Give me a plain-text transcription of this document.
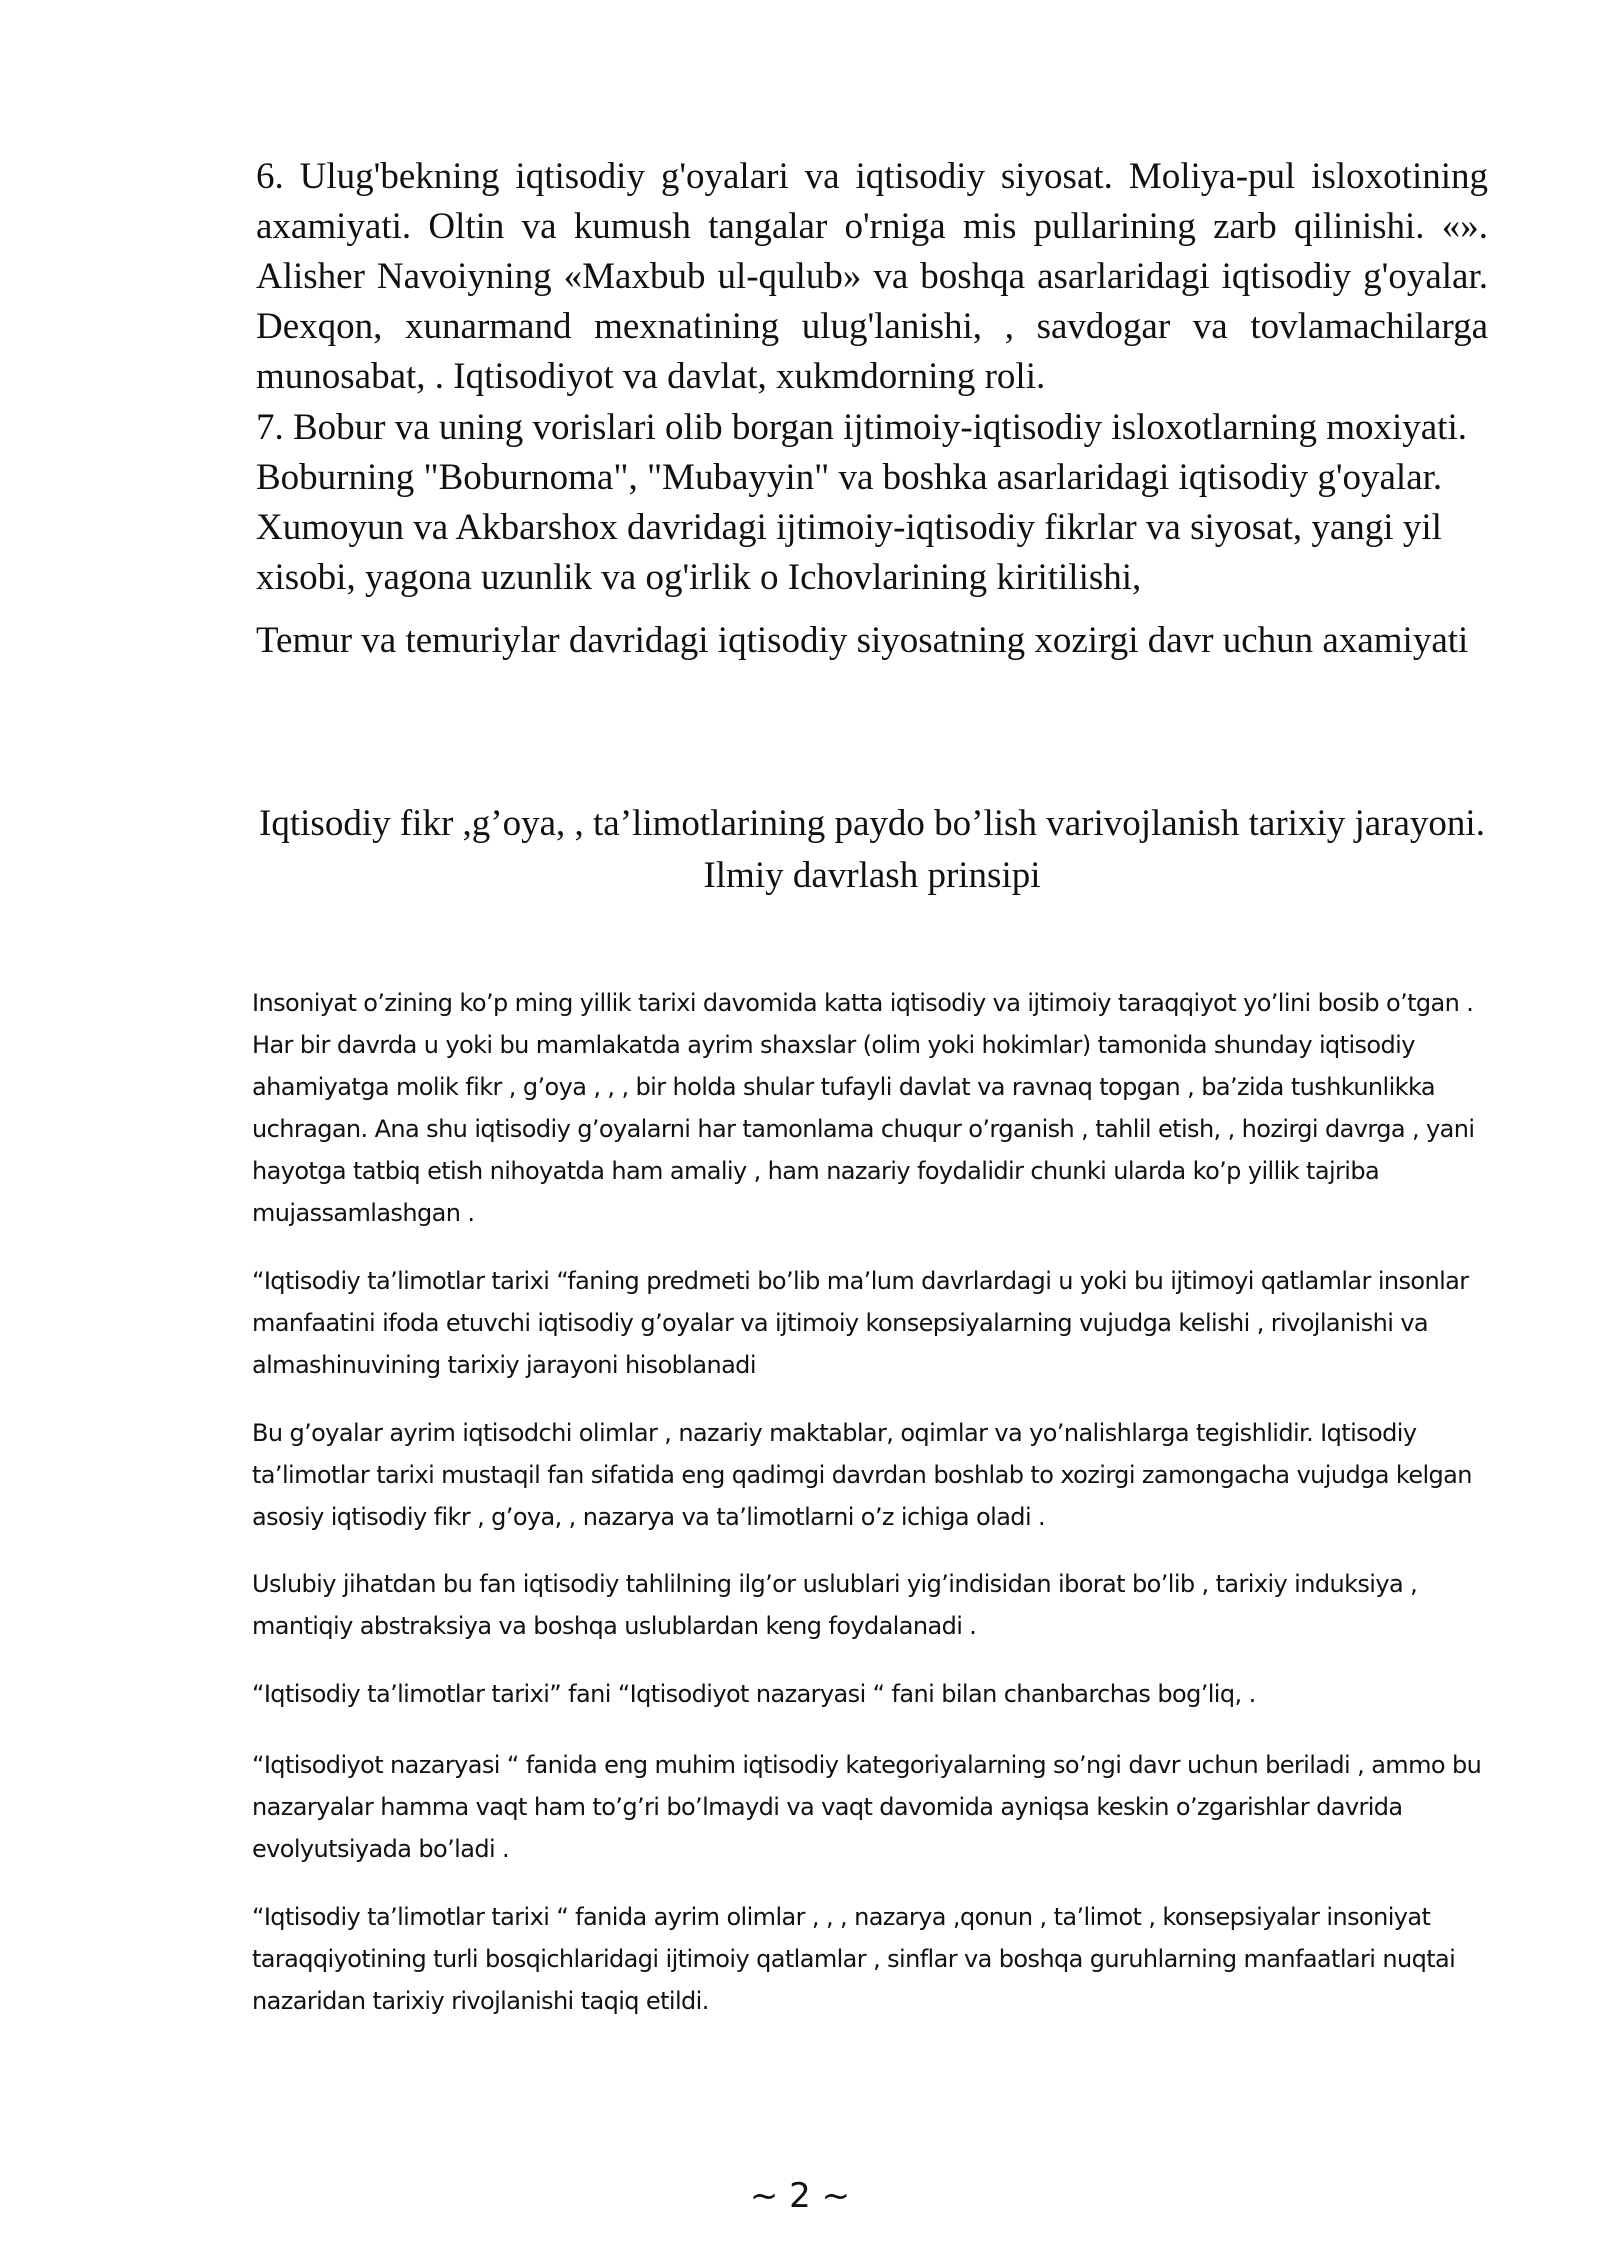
6. Ulug'bekning iqtisodiy g'oyalari va iqtisodiy siyosat. Moliya-pul isloxotining axamiyati. Oltin va kumush tangalar o'rniga mis pullarining zarb qilinishi. «». Alisher Navoiyning «Maxbub ul-qulub» va boshqa asarlaridagi iqtisodiy g'oyalar. Dexqon, xunarmand mexnatining ulug'lanishi, , savdogar va tovlamachilarga munosabat, . Iqtisodiyot va davlat, xukmdorning roli.

7. Bobur va uning vorislari olib borgan ijtimoiy-iqtisodiy isloxotlarning moxiyati. Boburning "Boburnoma", "Mubayyin" va boshka asarlaridagi iqtisodiy g'oyalar. Xumoyun va Akbarshox davridagi ijtimoiy-iqtisodiy fikrlar va siyosat, yangi yil xisobi, yagona uzunlik va og'irlik o Ichovlarining kiritilishi,

Temur va temuriylar davridagi iqtisodiy siyosatning xozirgi davr uchun axamiyati

Iqtisodiy fikr ,g’oya, , ta’limotlarining paydo bo’lish varivojlanish tarixiy jarayoni. Ilmiy davrlash prinsipi

Insoniyat o’zining ko’p ming yillik tarixi davomida katta iqtisodiy va ijtimoiy taraqqiyot yo’lini bosib o’tgan . Har bir davrda u yoki bu mamlakatda ayrim shaxslar (olim yoki hokimlar) tamonida shunday iqtisodiy ahamiyatga molik fikr , g’oya , , , bir holda shular tufayli davlat va ravnaq topgan , ba’zida tushkunlikka uchragan. Ana shu iqtisodiy g’oyalarni har tamonlama chuqur o’rganish , tahlil etish, , hozirgi davrga , yani hayotga tatbiq etish nihoyatda ham amaliy , ham nazariy foydalidir chunki ularda ko’p yillik tajriba mujassamlashgan .

“Iqtisodiy ta’limotlar tarixi “faning predmeti bo’lib ma’lum davrlardagi u yoki bu ijtimoyi qatlamlar insonlar manfaatini ifoda etuvchi iqtisodiy g’oyalar va ijtimoiy konsepsiyalarning vujudga kelishi , rivojlanishi va almashinuvining tarixiy jarayoni hisoblanadi

Bu g’oyalar ayrim iqtisodchi olimlar , nazariy maktablar, oqimlar va yo’nalishlarga tegishlidir. Iqtisodiy ta’limotlar tarixi mustaqil fan sifatida eng qadimgi davrdan boshlab to xozirgi zamongacha vujudga kelgan asosiy iqtisodiy fikr , g’oya, , nazarya va ta’limotlarni o’z ichiga oladi .

Uslubiy jihatdan bu fan iqtisodiy tahlilning ilg’or uslublari yig’indisidan iborat bo’lib , tarixiy induksiya , mantiqiy abstraksiya va boshqa uslublardan keng foydalanadi .

“Iqtisodiy ta’limotlar tarixi” fani “Iqtisodiyot nazaryasi “ fani bilan chanbarchas bog’liq, .

“Iqtisodiyot nazaryasi “ fanida eng muhim iqtisodiy kategoriyalarning so’ngi davr uchun beriladi , ammo bu nazaryalar hamma vaqt ham to’g’ri bo’lmaydi va vaqt davomida ayniqsa keskin o’zgarishlar davrida evolyutsiyada bo’ladi .

“Iqtisodiy ta’limotlar tarixi “ fanida ayrim olimlar , , , nazarya ,qonun , ta’limot , konsepsiyalar insoniyat taraqqiyotining turli bosqichlaridagi ijtimoiy qatlamlar , sinflar va boshqa guruhlarning manfaatlari nuqtai nazaridan tarixiy rivojlanishi taqiq etildi.

~ 2 ~
